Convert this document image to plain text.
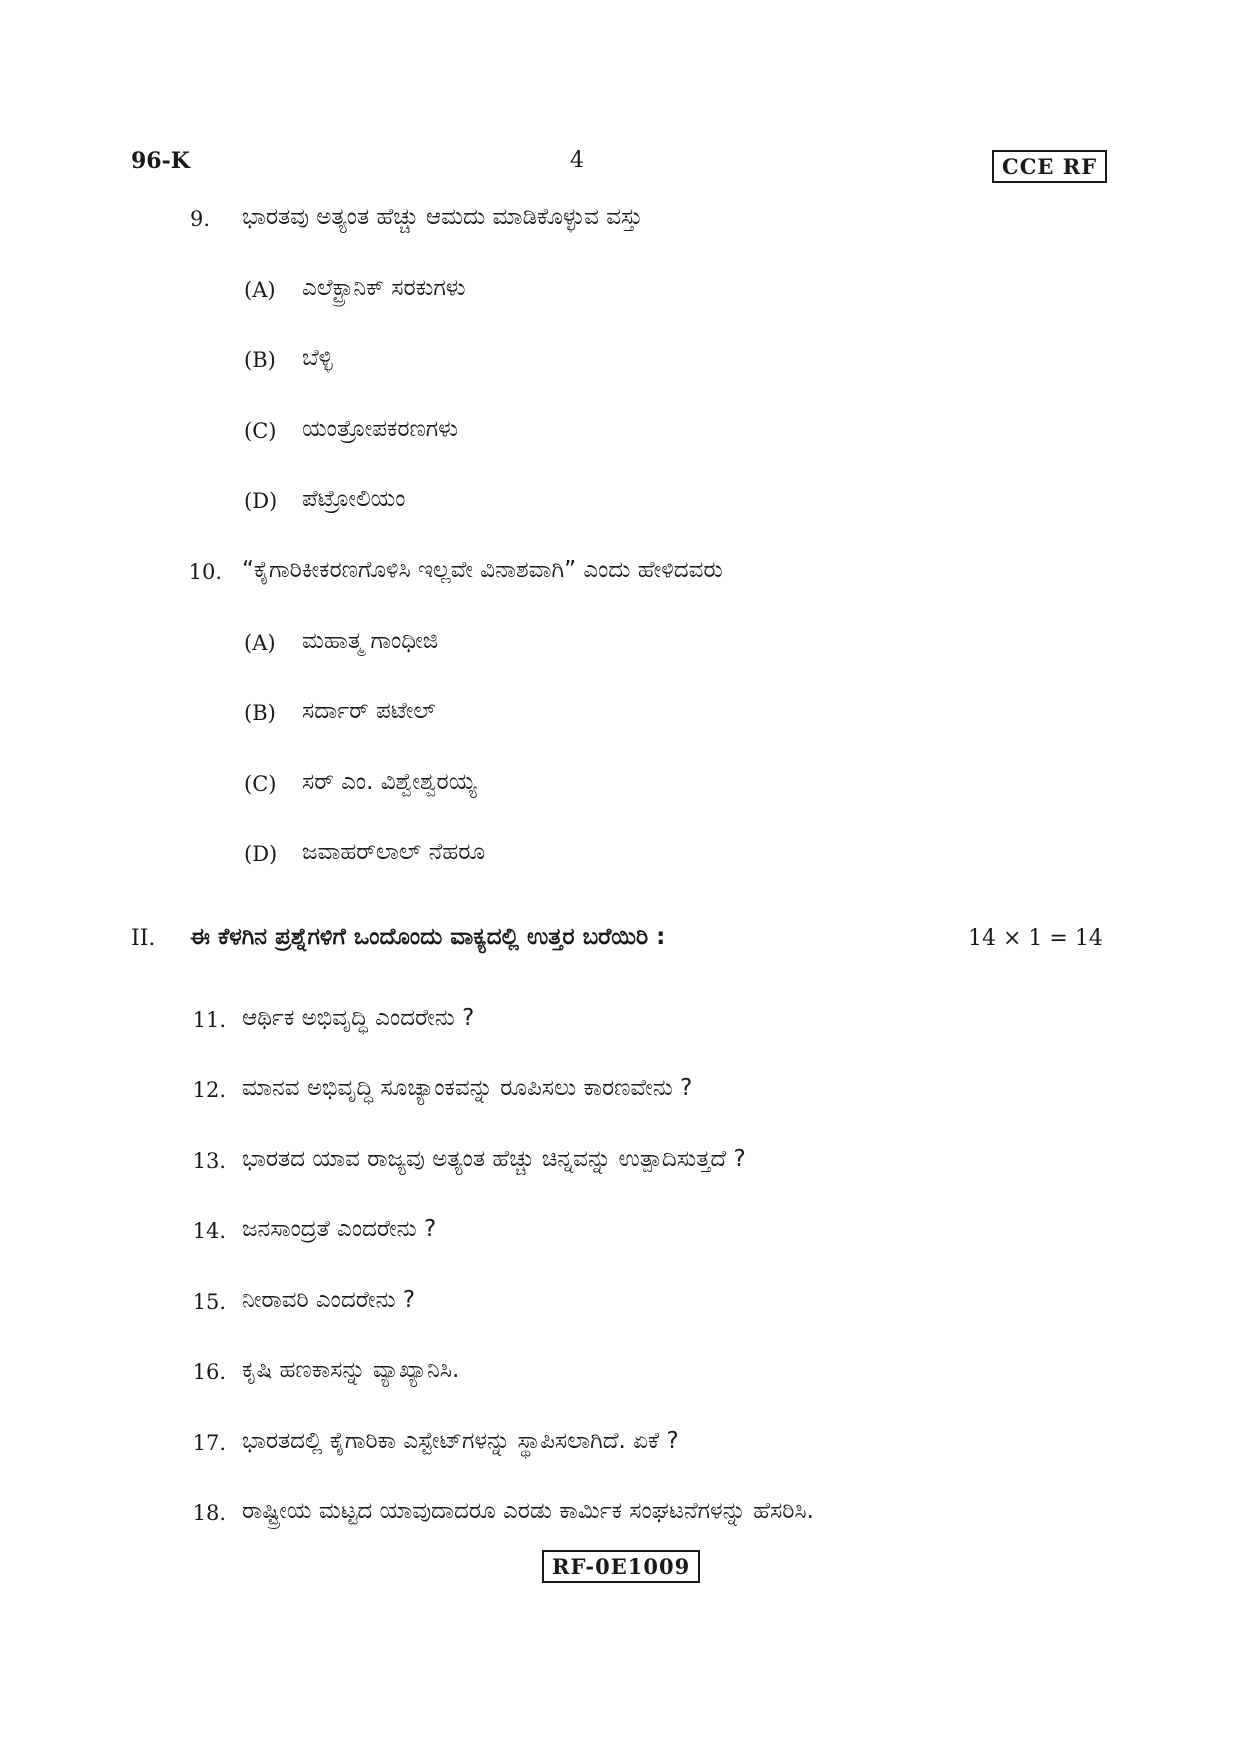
96-K	4	CCE RF
9. ಭಾರತವು ಅತ್ಯಂತ ಹೆಚ್ಚು ಆಮದು ಮಾಡಿಕೊಳ್ಳುವ ವಸ್ತು
(A)	ಎಲೆಕ್ಟ್ರಾನಿಕ್ ಸರಕುಗಳು
(B)	ಬೆಳ್ಳಿ
(C)	ಯಂತ್ರೋಪಕರಣಗಳು
(D)	ಪೆಟ್ರೋಲಿಯಂ
10. “ಕೈಗಾರಿಕೀಕರಣಗೊಳಿಸಿ ಇಲ್ಲವೇ ವಿನಾಶವಾಗಿ” ಎಂದು ಹೇಳಿದವರು
(A)	ಮಹಾತ್ಮ ಗಾಂಧೀಜಿ
(B)	ಸರ್ದಾರ್ ಪಟೇಲ್
(C)	ಸರ್ ಎಂ. ವಿಶ್ವೇಶ್ವರಯ್ಯ
(D)	ಜವಾಹರ್‌ಲಾಲ್ ನೆಹರೂ
II. ಈ ಕೆಳಗಿನ ಪ್ರಶ್ನೆಗಳಿಗೆ ಒಂದೊಂದು ವಾಕ್ಯದಲ್ಲಿ ಉತ್ತರ ಬರೆಯಿರಿ :	14 × 1 = 14
11. ಆರ್ಥಿಕ ಅಭಿವೃದ್ಧಿ ಎಂದರೇನು ?
12. ಮಾನವ ಅಭಿವೃದ್ಧಿ ಸೂಚ್ಯಾಂಕವನ್ನು ರೂಪಿಸಲು ಕಾರಣವೇನು ?
13. ಭಾರತದ ಯಾವ ರಾಜ್ಯವು ಅತ್ಯಂತ ಹೆಚ್ಚು ಚಿನ್ನವನ್ನು ಉತ್ಪಾದಿಸುತ್ತದೆ ?
14. ಜನಸಾಂದ್ರತೆ ಎಂದರೇನು ?
15. ನೀರಾವರಿ ಎಂದರೇನು ?
16. ಕೃಷಿ ಹಣಕಾಸನ್ನು ವ್ಯಾಖ್ಯಾನಿಸಿ.
17. ಭಾರತದಲ್ಲಿ ಕೈಗಾರಿಕಾ ಎಸ್ಟೇಟ್‌ಗಳನ್ನು ಸ್ಥಾಪಿಸಲಾಗಿದೆ. ಏಕೆ ?
18. ರಾಷ್ಟ್ರೀಯ ಮಟ್ಟದ ಯಾವುದಾದರೂ ಎರಡು ಕಾರ್ಮಿಕ ಸಂಘಟನೆಗಳನ್ನು ಹೆಸರಿಸಿ.
RF-0E1009
